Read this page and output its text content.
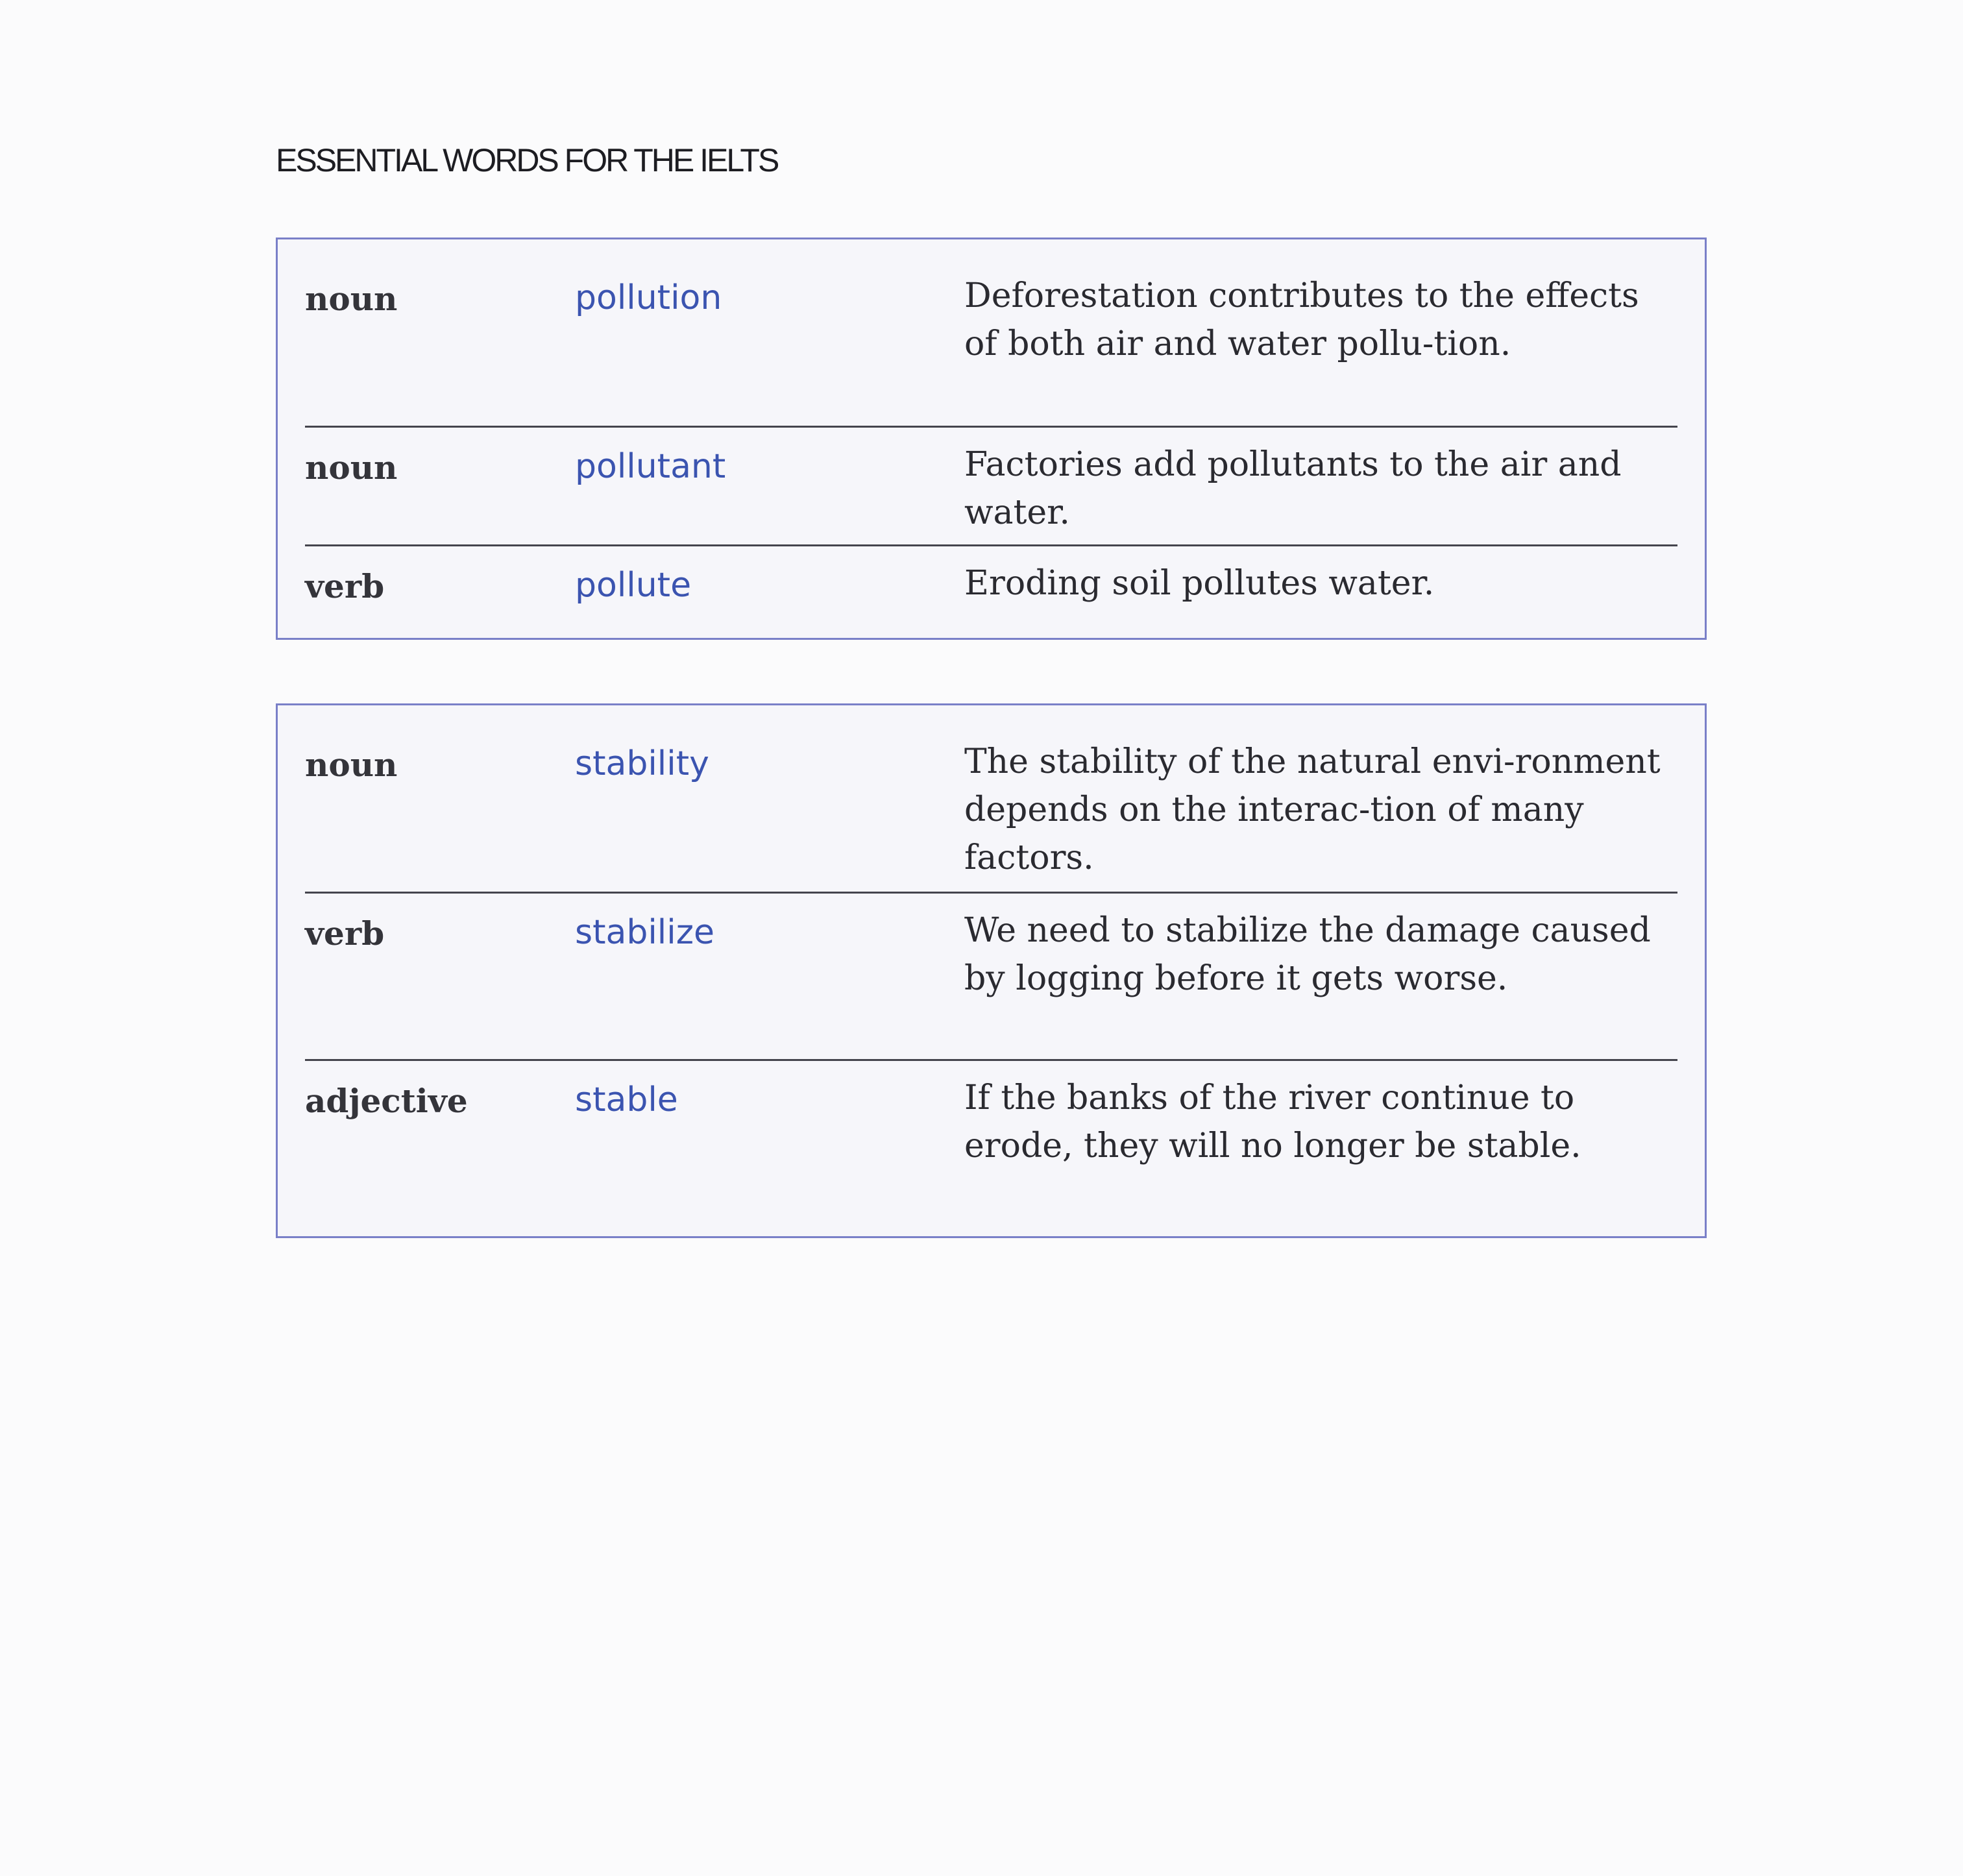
ESSENTIAL WORDS FOR THE IELTS
noun	pollution	Deforestation contributes to the effects of both air and water pollu-tion.
noun	pollutant	Factories add pollutants to the air and water.
verb	pollute	Eroding soil pollutes water.
noun	stability	The stability of the natural envi-ronment depends on the interac-tion of many factors.
verb	stabilize	We need to stabilize the damage caused by logging before it gets worse.
adjective	stable	If the banks of the river continue to erode, they will no longer be stable.
